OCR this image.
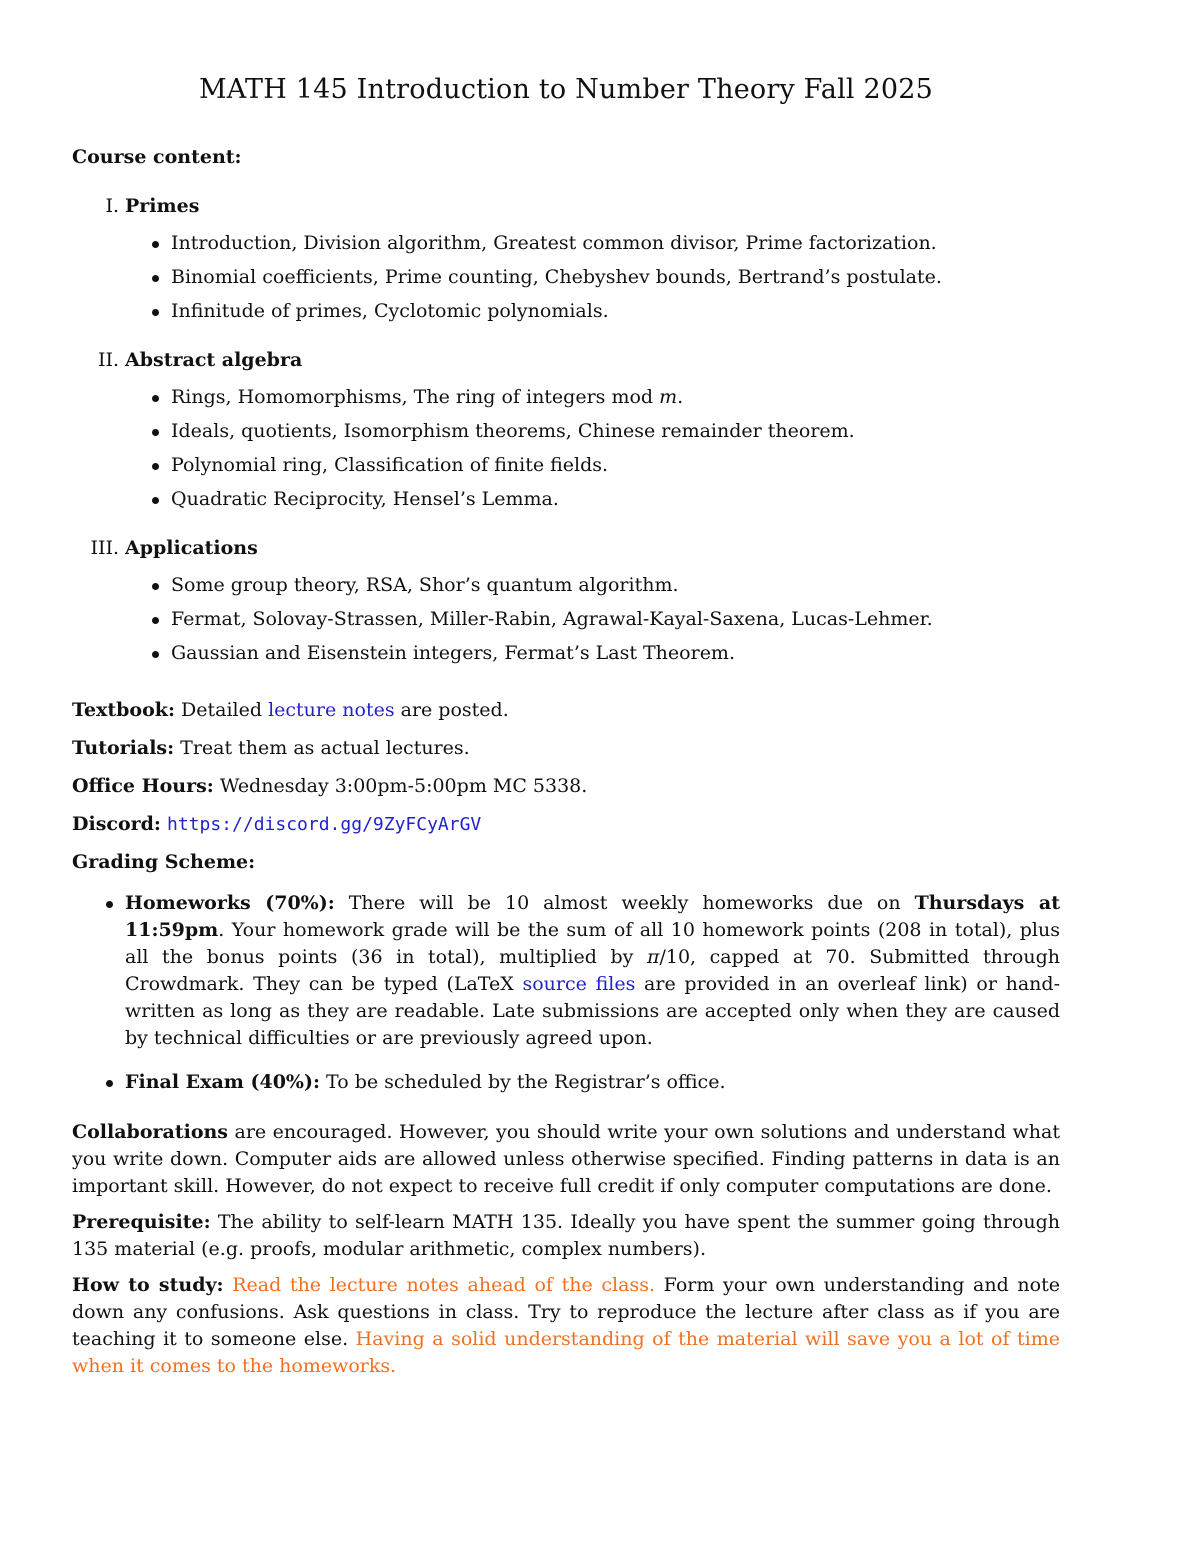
MATH 145 Introduction to Number Theory Fall 2025

Course content:

I. Primes

Introduction, Division algorithm, Greatest common divisor, Prime factorization.
Binomial coefficients, Prime counting, Chebyshev bounds, Bertrand’s postulate.
Infinitude of primes, Cyclotomic polynomials.

II. Abstract algebra

Rings, Homomorphisms, The ring of integers mod m.
Ideals, quotients, Isomorphism theorems, Chinese remainder theorem.
Polynomial ring, Classification of finite fields.
Quadratic Reciprocity, Hensel’s Lemma.

III. Applications

Some group theory, RSA, Shor’s quantum algorithm.
Fermat, Solovay-Strassen, Miller-Rabin, Agrawal-Kayal-Saxena, Lucas-Lehmer.
Gaussian and Eisenstein integers, Fermat’s Last Theorem.

Textbook: Detailed lecture notes are posted.

Tutorials: Treat them as actual lectures.

Office Hours: Wednesday 3:00pm-5:00pm MC 5338.

Discord: https://discord.gg/9ZyFCyArGV

Grading Scheme:

Homeworks (70%): There will be 10 almost weekly homeworks due on Thursdays at 11:59pm. Your homework grade will be the sum of all 10 homework points (208 in total), plus all the bonus points (36 in total), multiplied by π/10, capped at 70. Submitted through Crowdmark. They can be typed (LaTeX source files are provided in an overleaf link) or hand-written as long as they are readable. Late submissions are accepted only when they are caused by technical difficulties or are previously agreed upon.
Final Exam (40%): To be scheduled by the Registrar’s office.

Collaborations are encouraged. However, you should write your own solutions and understand what you write down. Computer aids are allowed unless otherwise specified. Finding patterns in data is an important skill. However, do not expect to receive full credit if only computer computations are done.

Prerequisite: The ability to self-learn MATH 135. Ideally you have spent the summer going through 135 material (e.g. proofs, modular arithmetic, complex numbers).

How to study: Read the lecture notes ahead of the class. Form your own understanding and note down any confusions. Ask questions in class. Try to reproduce the lecture after class as if you are teaching it to someone else. Having a solid understanding of the material will save you a lot of time when it comes to the homeworks.
